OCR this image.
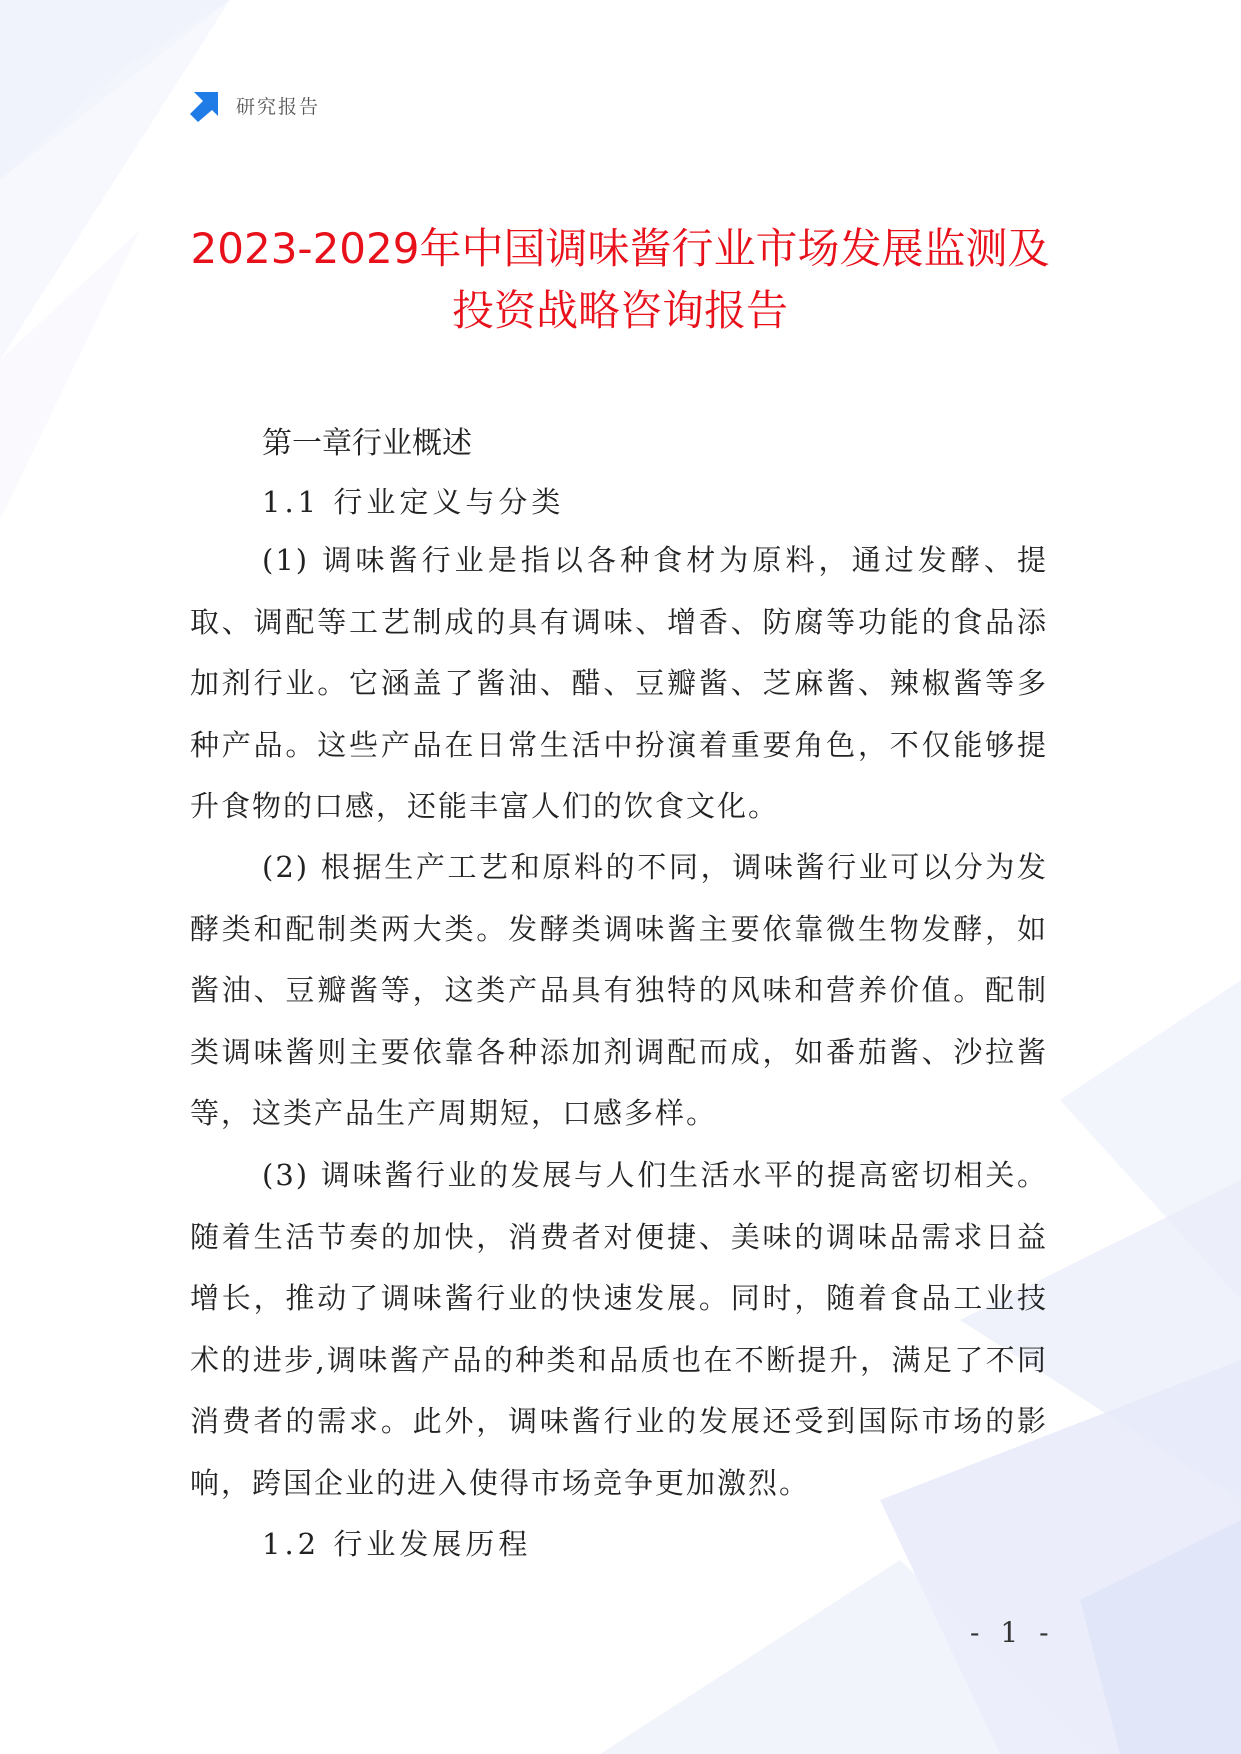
研究报告
2023-2029年中国调味酱行业市场发展监测及投资战略咨询报告
第一章行业概述
1.1 行业定义与分类

(1) 调味酱行业是指以各种食材为原料，通过发酵、提取、调配等工艺制成的具有调味、增香、防腐等功能的食品添加剂行业。它涵盖了酱油、醋、豆瓣酱、芝麻酱、辣椒酱等多种产品。这些产品在日常生活中扮演着重要角色，不仅能够提升食物的口感，还能丰富人们的饮食文化。

(2) 根据生产工艺和原料的不同，调味酱行业可以分为发酵类和配制类两大类。发酵类调味酱主要依靠微生物发酵，如酱油、豆瓣酱等，这类产品具有独特的风味和营养价值。配制类调味酱则主要依靠各种添加剂调配而成，如番茄酱、沙拉酱等，这类产品生产周期短，口感多样。

(3) 调味酱行业的发展与人们生活水平的提高密切相关。随着生活节奏的加快，消费者对便捷、美味的调味品需求日益增长，推动了调味酱行业的快速发展。同时，随着食品工业技术的进步,调味酱产品的种类和品质也在不断提升，满足了不同消费者的需求。此外，调味酱行业的发展还受到国际市场的影响，跨国企业的进入使得市场竞争更加激烈。

1.2 行业发展历程
- 1 -
